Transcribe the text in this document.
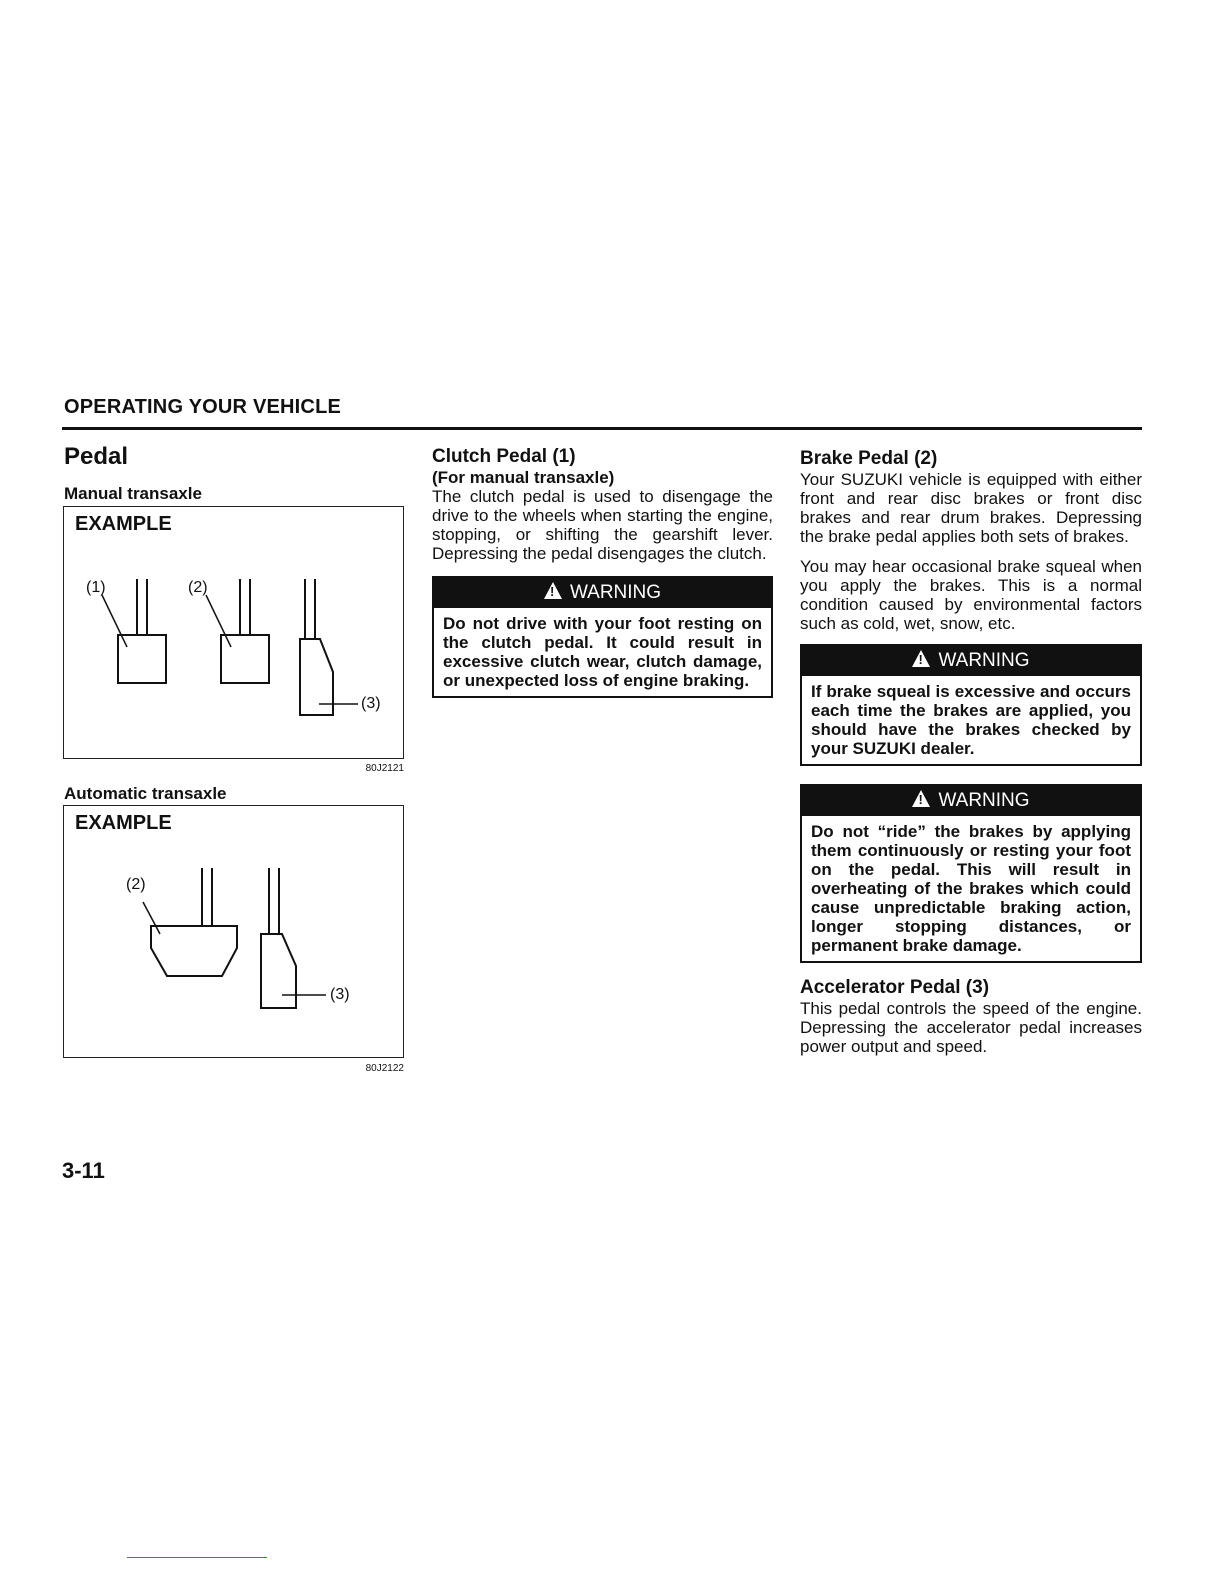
OPERATING YOUR VEHICLE
Pedal
Manual transaxle
EXAMPLE
(1)	(2)
(3)
80J2121
Automatic transaxle
EXAMPLE
(2)
(3)
80J2122
Clutch Pedal (1)
(For manual transaxle)

The clutch pedal is used to disengage the drive to the wheels when starting the engine, stopping, or shifting the gearshift lever. Depressing the pedal disengages the clutch.

! WARNING
Do not drive with your foot resting on the clutch pedal. It could result in excessive clutch wear, clutch damage, or unexpected loss of engine braking.
Brake Pedal (2)

Your SUZUKI vehicle is equipped with either front and rear disc brakes or front disc brakes and rear drum brakes. Depressing the brake pedal applies both sets of brakes.

You may hear occasional brake squeal when you apply the brakes. This is a normal condition caused by environmental factors such as cold, wet, snow, etc.

! WARNING
If brake squeal is excessive and occurs each time the brakes are applied, you should have the brakes checked by your SUZUKI dealer.
! WARNING
Do not “ride” the brakes by applying them continuously or resting your foot on the pedal. This will result in overheating of the brakes which could cause unpredictable braking action, longer stopping distances, or permanent brake damage.
Accelerator Pedal (3)

This pedal controls the speed of the engine. Depressing the accelerator pedal increases power output and speed.

3-11
